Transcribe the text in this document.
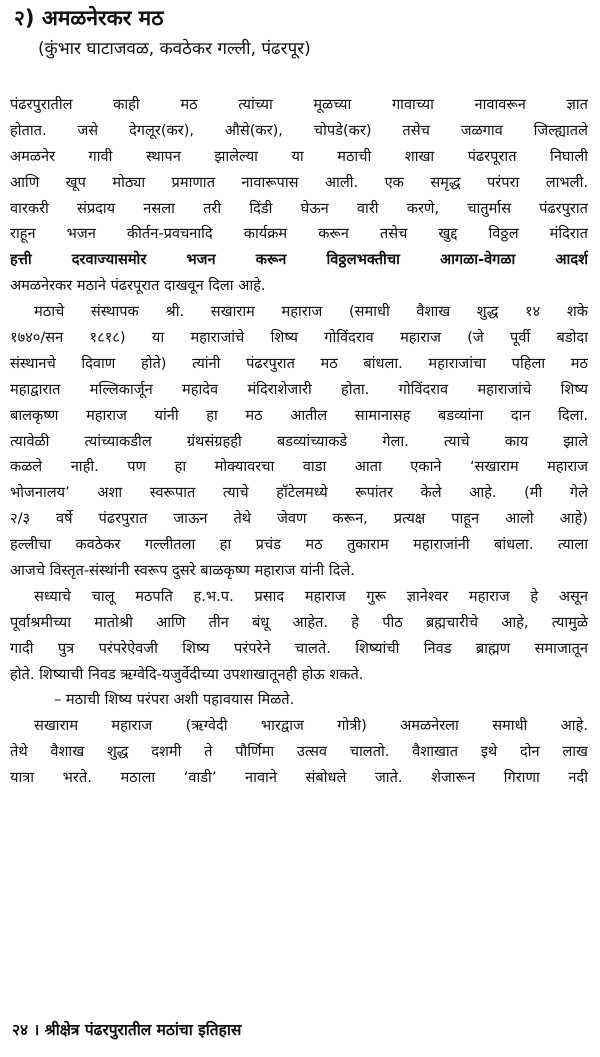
२) अमळनेरकर मठ
(कुंभार घाटाजवळ, कवठेकर गल्ली, पंढरपूर)
पंढरपुरातील काही मठ त्यांच्या मूळच्या गावाच्या नावावरून ज्ञात
होतात. जसे देगलूर(कर), औसे(कर), चोपडे(कर) तसेच जळगाव जिल्ह्यातले
अमळनेर गावी स्थापन झालेल्या या मठाची शाखा पंढरपूरात निघाली
आणि खूप मोठ्या प्रमाणात नावारूपास आली. एक समृद्ध परंपरा लाभली.
वारकरी संप्रदाय नसला तरी दिंडी घेऊन वारी करणे, चातुर्मास पंढरपुरात
राहून भजन कीर्तन-प्रवचनादि कार्यक्रम करून तसेच खुद्द विठ्ठल मंदिरात
हत्ती दरवाज्यासमोर भजन करून विठ्ठलभक्तीचा आगळा-वेगळा आदर्श
अमळनेरकर मठाने पंढरपूरात दाखवून दिला आहे.
मठाचे संस्थापक श्री. सखाराम महाराज (समाधी वैशाख शुद्ध १४ शके
१७४०/सन १८१८) या महाराजांचे शिष्य गोविंदराव महाराज (जे पूर्वी बडोदा
संस्थानचे दिवाण होते) त्यांनी पंढरपुरात मठ बांधला. महाराजांचा पहिला मठ
महाद्वारात मल्लिकार्जून महादेव मंदिराशेजारी होता. गोविंदराव महाराजांचे शिष्य
बालकृष्ण महाराज यांनी हा मठ आतील सामानासह बडव्यांना दान दिला.
त्यावेळी त्यांच्याकडील ग्रंथसंग्रहही बडव्यांच्याकडे गेला. त्याचे काय झाले
कळले नाही. पण हा मोक्यावरचा वाडा आता एकाने ‘सखाराम महाराज
भोजनालय’ अशा स्वरूपात त्याचे हॉटेलमध्ये रूपांतर केले आहे. (मी गेले
२/३ वर्षे पंढरपुरात जाऊन तेथे जेवण करून, प्रत्यक्ष पाहून आलो आहे)
हल्लीचा कवठेकर गल्लीतला हा प्रचंड मठ तुकाराम महाराजांनी बांधला. त्याला
आजचे विस्तृत-संस्थांनी स्वरूप दुसरे बाळकृष्ण महाराज यांनी दिले.
सध्याचे चालू मठपति ह.भ.प. प्रसाद महाराज गुरू ज्ञानेश्वर महाराज हे असून
पूर्वाश्रमीच्या मातोश्री आणि तीन बंधू आहेत. हे पीठ ब्रह्मचारीचे आहे, त्यामुळे
गादी पुत्र परंपरेऐवजी शिष्य परंपरेने चालते. शिष्यांची निवड ब्राह्मण समाजातून
होते. शिष्याची निवड ऋग्वेदि-यजुर्वेदीच्या उपशाखातूनही होऊ शकते.
– मठाची शिष्य परंपरा अशी पहावयास मिळते.
सखाराम महाराज (ऋग्वेदी भारद्वाज गोत्री) अमळनेरला समाधी आहे.
तेथे वैशाख शुद्ध दशमी ते पौर्णिमा उत्सव चालतो. वैशाखात इथे दोन लाख
यात्रा भरते. मठाला ‘वाडी’ नावाने संबोधले जाते. शेजारून गिराणा नदी
२४ । श्रीक्षेत्र पंढरपुरातील मठांचा इतिहास
